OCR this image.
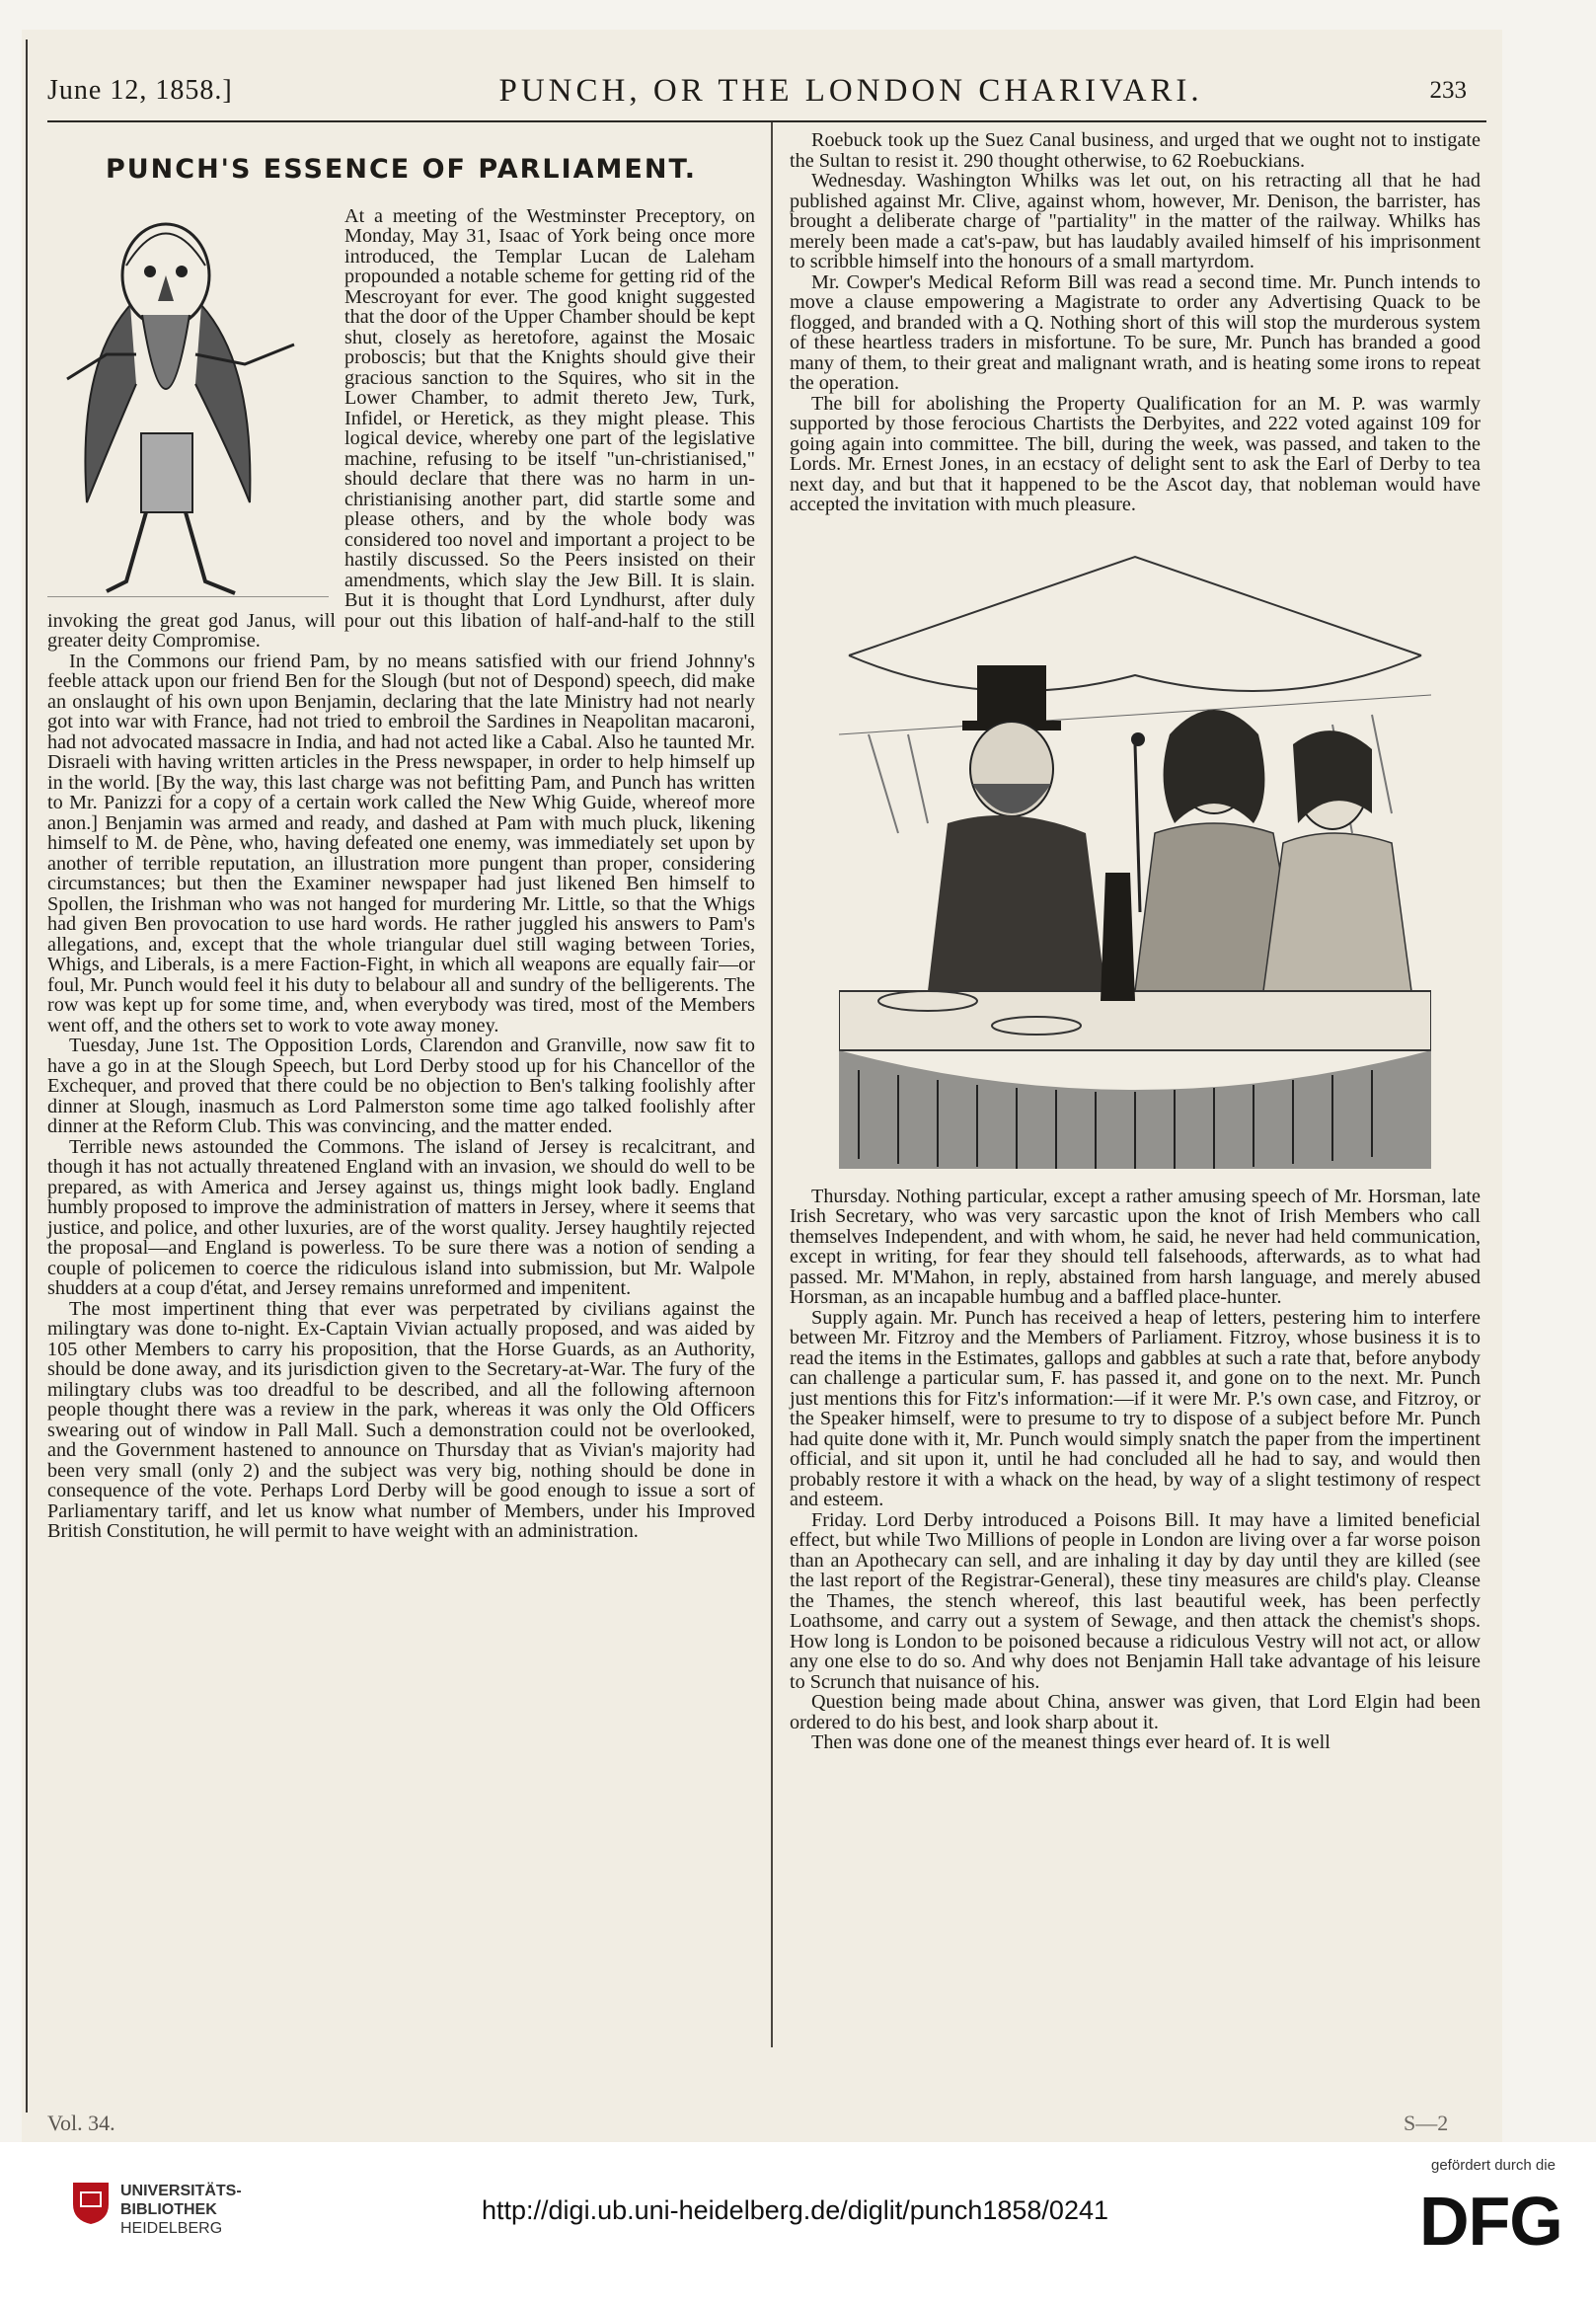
June 12, 1858.]	PUNCH, OR THE LONDON CHARIVARI.	233
PUNCH'S ESSENCE OF PARLIAMENT.

At a meeting of the Westminster Preceptory, on Monday, May 31, Isaac of York being once more introduced, the Templar Lucan de Laleham propounded a notable scheme for getting rid of the Mescroyant for ever. The good knight suggested that the door of the Upper Chamber should be kept shut, closely as heretofore, against the Mosaic proboscis; but that the Knights should give their gracious sanction to the Squires, who sit in the Lower Chamber, to admit thereto Jew, Turk, Infidel, or Heretick, as they might please. This logical device, whereby one part of the legislative machine, refusing to be itself "un-christianised," should declare that there was no harm in un-christianising another part, did startle some and please others, and by the whole body was considered too novel and important a project to be hastily discussed. So the Peers insisted on their amendments, which slay the Jew Bill. It is slain. But it is thought that Lord Lyndhurst, after duly invoking the great god Janus, will pour out this libation of half-and-half to the still greater deity Compromise.

In the Commons our friend Pam, by no means satisfied with our friend Johnny's feeble attack upon our friend Ben for the Slough (but not of Despond) speech, did make an onslaught of his own upon Benjamin, declaring that the late Ministry had not nearly got into war with France, had not tried to embroil the Sardines in Neapolitan macaroni, had not advocated massacre in India, and had not acted like a Cabal. Also he taunted Mr. Disraeli with having written articles in the Press newspaper, in order to help himself up in the world. [By the way, this last charge was not befitting Pam, and Punch has written to Mr. Panizzi for a copy of a certain work called the New Whig Guide, whereof more anon.] Benjamin was armed and ready, and dashed at Pam with much pluck, likening himself to M. de Pène, who, having defeated one enemy, was immediately set upon by another of terrible reputation, an illustration more pungent than proper, considering circumstances; but then the Examiner newspaper had just likened Ben himself to Spollen, the Irishman who was not hanged for murdering Mr. Little, so that the Whigs had given Ben provocation to use hard words. He rather juggled his answers to Pam's allegations, and, except that the whole triangular duel still waging between Tories, Whigs, and Liberals, is a mere Faction-Fight, in which all weapons are equally fair—or foul, Mr. Punch would feel it his duty to belabour all and sundry of the belligerents. The row was kept up for some time, and, when everybody was tired, most of the Members went off, and the others set to work to vote away money.

Tuesday, June 1st. The Opposition Lords, Clarendon and Granville, now saw fit to have a go in at the Slough Speech, but Lord Derby stood up for his Chancellor of the Exchequer, and proved that there could be no objection to Ben's talking foolishly after dinner at Slough, inasmuch as Lord Palmerston some time ago talked foolishly after dinner at the Reform Club. This was convincing, and the matter ended.

Terrible news astounded the Commons. The island of Jersey is recalcitrant, and though it has not actually threatened England with an invasion, we should do well to be prepared, as with America and Jersey against us, things might look badly. England humbly proposed to improve the administration of matters in Jersey, where it seems that justice, and police, and other luxuries, are of the worst quality. Jersey haughtily rejected the proposal—and England is powerless. To be sure there was a notion of sending a couple of policemen to coerce the ridiculous island into submission, but Mr. Walpole shudders at a coup d'état, and Jersey remains unreformed and impenitent.

The most impertinent thing that ever was perpetrated by civilians against the milingtary was done to-night. Ex-Captain Vivian actually proposed, and was aided by 105 other Members to carry his proposition, that the Horse Guards, as an Authority, should be done away, and its jurisdiction given to the Secretary-at-War. The fury of the milingtary clubs was too dreadful to be described, and all the following afternoon people thought there was a review in the park, whereas it was only the Old Officers swearing out of window in Pall Mall. Such a demonstration could not be overlooked, and the Government hastened to announce on Thursday that as Vivian's majority had been very small (only 2) and the subject was very big, nothing should be done in consequence of the vote. Perhaps Lord Derby will be good enough to issue a sort of Parliamentary tariff, and let us know what number of Members, under his Improved British Constitution, he will permit to have weight with an administration.

Roebuck took up the Suez Canal business, and urged that we ought not to instigate the Sultan to resist it. 290 thought otherwise, to 62 Roebuckians.

Wednesday. Washington Whilks was let out, on his retracting all that he had published against Mr. Clive, against whom, however, Mr. Denison, the barrister, has brought a deliberate charge of "partiality" in the matter of the railway. Whilks has merely been made a cat's-paw, but has laudably availed himself of his imprisonment to scribble himself into the honours of a small martyrdom.

Mr. Cowper's Medical Reform Bill was read a second time. Mr. Punch intends to move a clause empowering a Magistrate to order any Advertising Quack to be flogged, and branded with a Q. Nothing short of this will stop the murderous system of these heartless traders in misfortune. To be sure, Mr. Punch has branded a good many of them, to their great and malignant wrath, and is heating some irons to repeat the operation.

The bill for abolishing the Property Qualification for an M. P. was warmly supported by those ferocious Chartists the Derbyites, and 222 voted against 109 for going again into committee. The bill, during the week, was passed, and taken to the Lords. Mr. Ernest Jones, in an ecstacy of delight sent to ask the Earl of Derby to tea next day, and but that it happened to be the Ascot day, that nobleman would have accepted the invitation with much pleasure.

Thursday. Nothing particular, except a rather amusing speech of Mr. Horsman, late Irish Secretary, who was very sarcastic upon the knot of Irish Members who call themselves Independent, and with whom, he said, he never had held communication, except in writing, for fear they should tell falsehoods, afterwards, as to what had passed. Mr. M'Mahon, in reply, abstained from harsh language, and merely abused Horsman, as an incapable humbug and a baffled place-hunter.

Supply again. Mr. Punch has received a heap of letters, pestering him to interfere between Mr. Fitzroy and the Members of Parliament. Fitzroy, whose business it is to read the items in the Estimates, gallops and gabbles at such a rate that, before anybody can challenge a particular sum, F. has passed it, and gone on to the next. Mr. Punch just mentions this for Fitz's information:—if it were Mr. P.'s own case, and Fitzroy, or the Speaker himself, were to presume to try to dispose of a subject before Mr. Punch had quite done with it, Mr. Punch would simply snatch the paper from the impertinent official, and sit upon it, until he had concluded all he had to say, and would then probably restore it with a whack on the head, by way of a slight testimony of respect and esteem.

Friday. Lord Derby introduced a Poisons Bill. It may have a limited beneficial effect, but while Two Millions of people in London are living over a far worse poison than an Apothecary can sell, and are inhaling it day by day until they are killed (see the last report of the Registrar-General), these tiny measures are child's play. Cleanse the Thames, the stench whereof, this last beautiful week, has been perfectly Loathsome, and carry out a system of Sewage, and then attack the chemist's shops. How long is London to be poisoned because a ridiculous Vestry will not act, or allow any one else to do so. And why does not Benjamin Hall take advantage of his leisure to Scrunch that nuisance of his.

Question being made about China, answer was given, that Lord Elgin had been ordered to do his best, and look sharp about it.

Then was done one of the meanest things ever heard of. It is well

Vol. 34.	S—2
UNIVERSITÄTS-
BIBLIOTHEK
HEIDELBERG
http://digi.ub.uni-heidelberg.de/diglit/punch1858/0241
gefördert durch die
DFG
